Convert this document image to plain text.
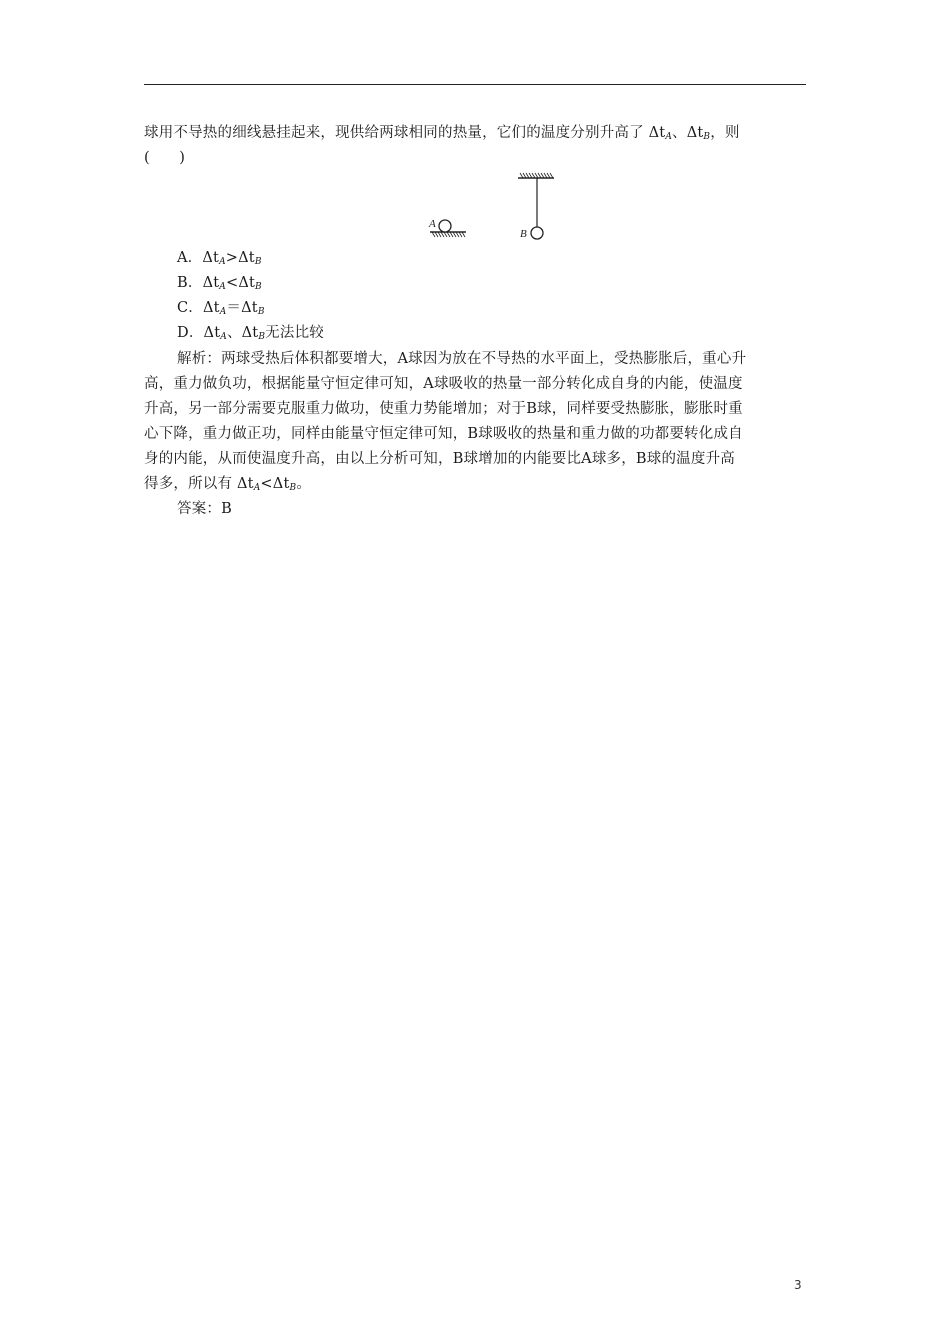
球用不导热的细线悬挂起来，现供给两球相同的热量，它们的温度分别升高了 $\Delta t_A$、$\Delta t_B$，则
(　　)
B
A
A．$\Delta t_A>\Delta t_B$
B．$\Delta t_A<\Delta t_B$
C．$\Delta t_A=\Delta t_B$
D．$\Delta t_A$、$\Delta t_B$无法比较
解析：两球受热后体积都要增大，A球因为放在不导热的水平面上，受热膨胀后，重心升
高，重力做负功，根据能量守恒定律可知，A球吸收的热量一部分转化成自身的内能，使温度
升高，另一部分需要克服重力做功，使重力势能增加；对于B球，同样要受热膨胀，膨胀时重
心下降，重力做正功，同样由能量守恒定律可知，B球吸收的热量和重力做的功都要转化成自
身的内能，从而使温度升高，由以上分析可知，B球增加的内能要比A球多，B球的温度升高
得多，所以有 $\Delta t_A<\Delta t_B$。
答案：B
3
